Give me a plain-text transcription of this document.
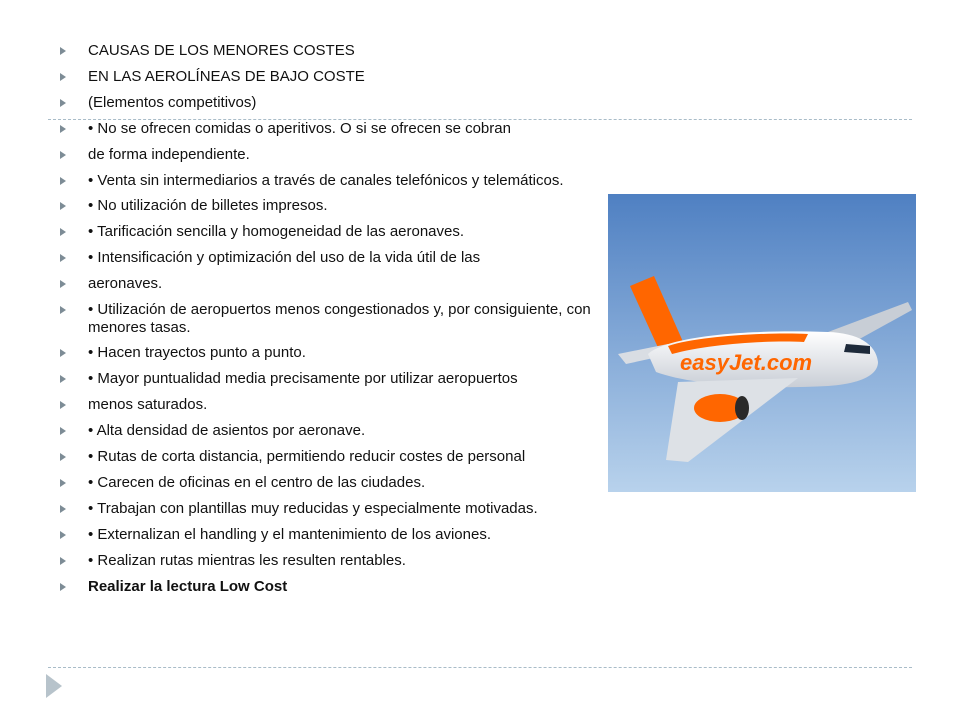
CAUSAS DE LOS MENORES COSTES
EN LAS AEROLÍNEAS DE BAJO COSTE
(Elementos competitivos)
• No se ofrecen comidas o aperitivos. O si se ofrecen se cobran
de forma independiente.
• Venta sin intermediarios a través de canales telefónicos y telemáticos.
• No utilización de billetes impresos.
• Tarificación sencilla y homogeneidad de las aeronaves.
• Intensificación y optimización del uso de la vida útil de las
aeronaves.
• Utilización de aeropuertos menos congestionados y, por consiguiente, con menores tasas.
• Hacen trayectos punto a punto.
• Mayor puntualidad media precisamente por utilizar aeropuertos
menos saturados.
• Alta densidad de asientos por aeronave.
• Rutas de corta distancia, permitiendo reducir costes de personal
• Carecen de oficinas en el centro de las ciudades.
• Trabajan con plantillas muy reducidas y especialmente motivadas.
• Externalizan el handling y el mantenimiento de los aviones.
• Realizan rutas mientras les resulten rentables.
Realizar la lectura Low Cost
easyJet.com
